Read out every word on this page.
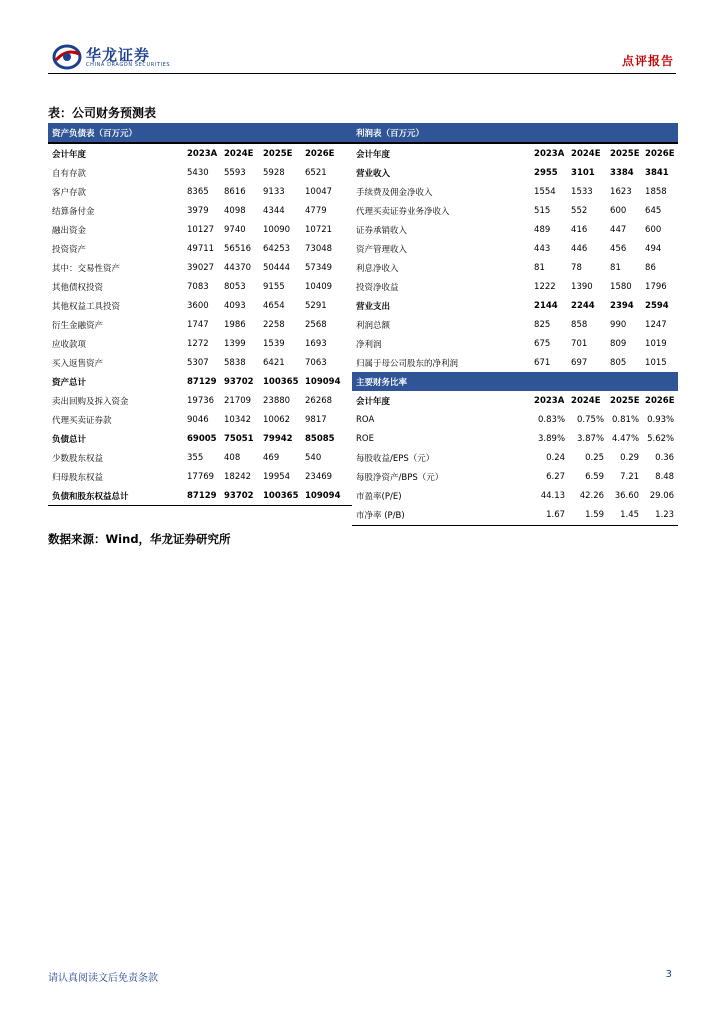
华龙证券
CHINA DRAGON SECURITIES	点评报告
表：公司财务预测表
资产负债表（百万元）					利润表（百万元）				
会计年度	2023A	2024E	2025E	2026E	会计年度	2023A	2024E	2025E	2026E
自有存款	5430	5593	5928	6521	营业收入	2955	3101	3384	3841
客户存款	8365	8616	9133	10047	手续费及佣金净收入	1554	1533	1623	1858
结算备付金	3979	4098	4344	4779	代理买卖证券业务净收入	515	552	600	645
融出资金	10127	9740	10090	10721	证券承销收入	489	416	447	600
投资资产	49711	56516	64253	73048	资产管理收入	443	446	456	494
其中：交易性资产	39027	44370	50444	57349	利息净收入	81	78	81	86
其他债权投资	7083	8053	9155	10409	投资净收益	1222	1390	1580	1796
其他权益工具投资	3600	4093	4654	5291	营业支出	2144	2244	2394	2594
衍生金融资产	1747	1986	2258	2568	利润总额	825	858	990	1247
应收款项	1272	1399	1539	1693	净利润	675	701	809	1019
买入返售资产	5307	5838	6421	7063	归属于母公司股东的净利润	671	697	805	1015
资产总计	87129	93702	100365	109094	主要财务比率				
卖出回购及拆入资金	19736	21709	23880	26268	会计年度	2023A	2024E	2025E	2026E
代理买卖证券款	9046	10342	10062	9817	ROA	0.83%	0.75%	0.81%	0.93%
负债总计	69005	75051	79942	85085	ROE	3.89%	3.87%	4.47%	5.62%
少数股东权益	355	408	469	540	每股收益/EPS（元）	0.24	0.25	0.29	0.36
归母股东权益	17769	18242	19954	23469	每股净资产/BPS（元）	6.27	6.59	7.21	8.48
负债和股东权益总计	87129	93702	100365	109094	市盈率(P/E)	44.13	42.26	36.60	29.06
					市净率 (P/B)	1.67	1.59	1.45	1.23
数据来源：Wind，华龙证券研究所
请认真阅读文后免责条款	3
